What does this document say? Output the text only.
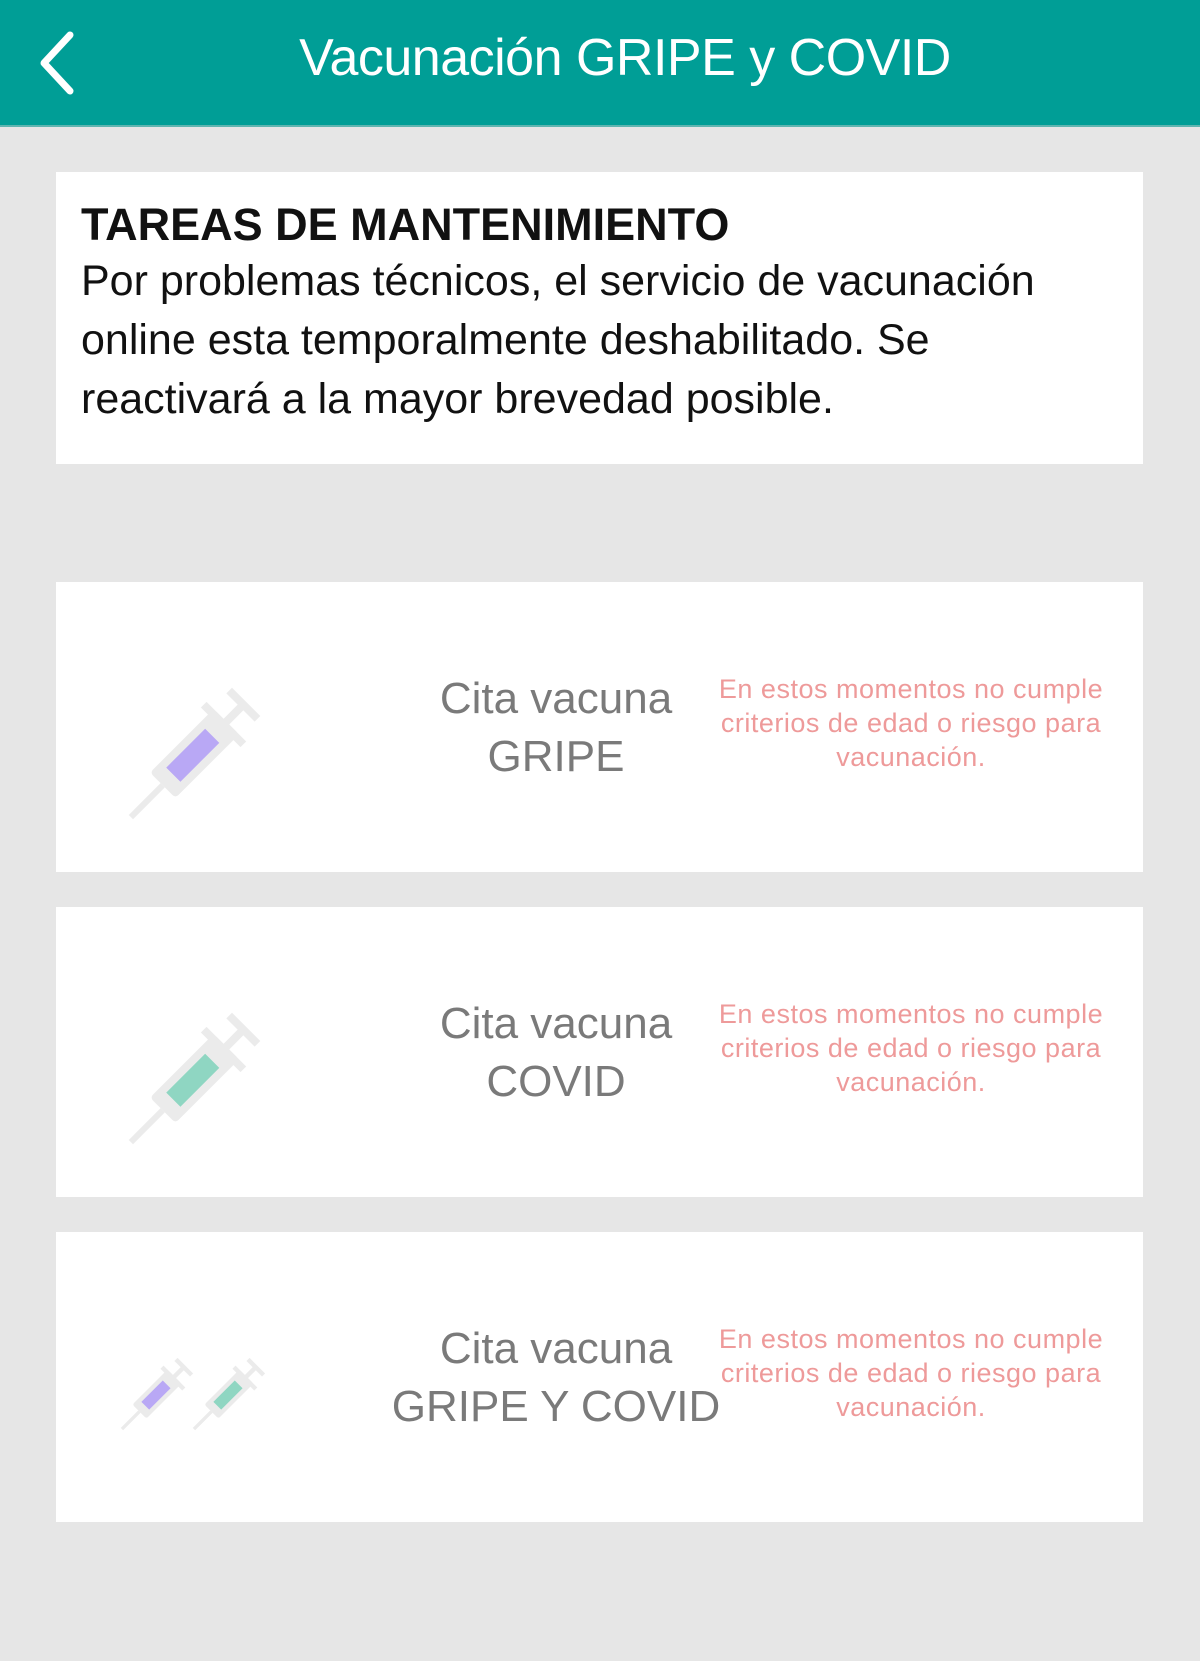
Vacunación GRIPE y COVID
TAREAS DE MANTENIMIENTO

Por problemas técnicos, el servicio de vacunación online esta temporalmente deshabilitado. Se reactivará a la mayor brevedad posible.

Cita vacuna
GRIPE
En estos momentos no cumple criterios de edad o riesgo para vacunación.
Cita vacuna
COVID
En estos momentos no cumple criterios de edad o riesgo para vacunación.
Cita vacuna
GRIPE Y COVID
En estos momentos no cumple criterios de edad o riesgo para vacunación.
